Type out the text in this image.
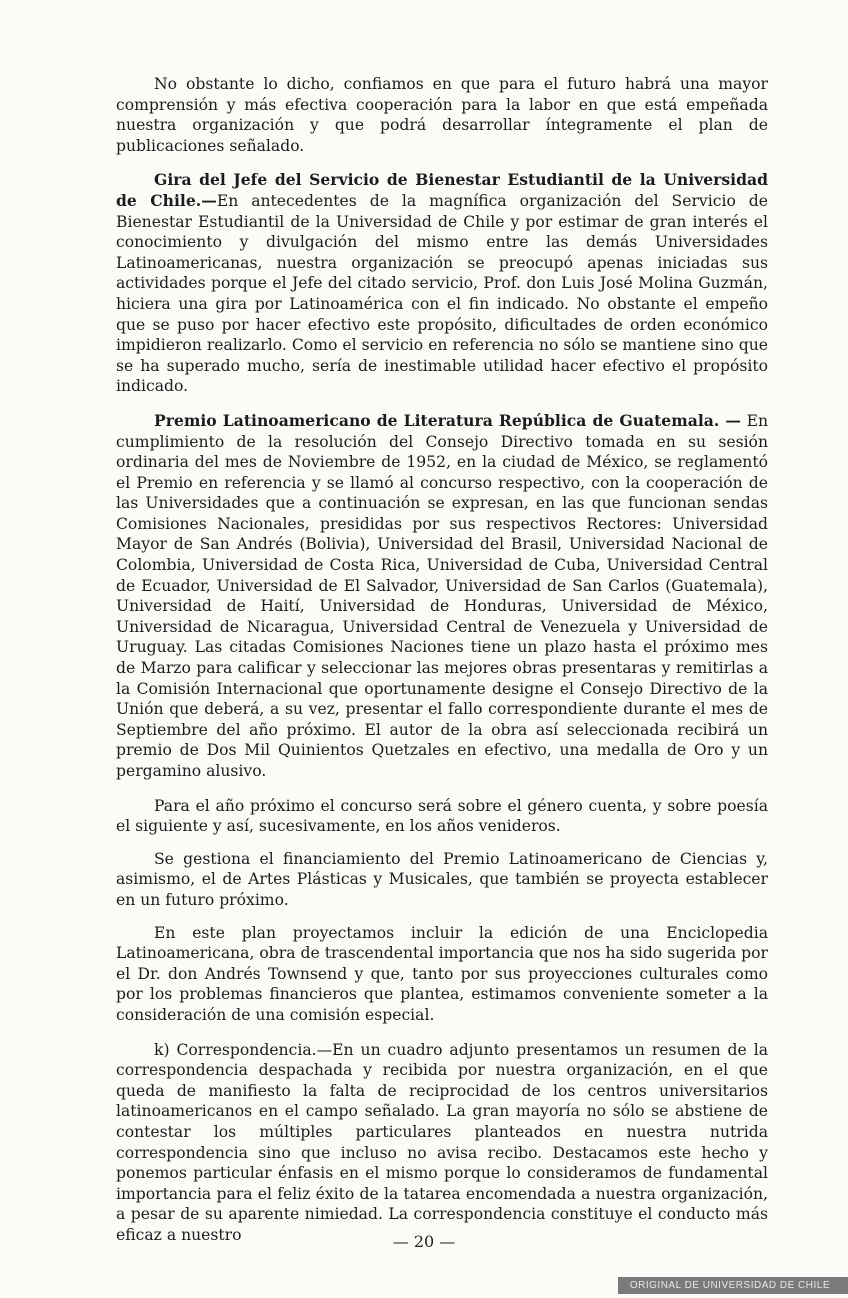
No obstante lo dicho, confiamos en que para el futuro habrá una mayor comprensión y más efectiva cooperación para la labor en que está empeñada nuestra organización y que podrá desarrollar íntegramente el plan de publicaciones señalado.

Gira del Jefe del Servicio de Bienestar Estudiantil de la Universidad de Chile.—En antecedentes de la magnífica organización del Servicio de Bienestar Estudiantil de la Universidad de Chile y por estimar de gran interés el conocimiento y divulgación del mismo entre las demás Universidades Latinoamericanas, nuestra organización se preocupó apenas iniciadas sus actividades porque el Jefe del citado servicio, Prof. don Luis José Molina Guzmán, hiciera una gira por Latinoamérica con el fin indicado. No obstante el empeño que se puso por hacer efectivo este propósito, dificultades de orden económico impidieron realizarlo. Como el servicio en referencia no sólo se mantiene sino que se ha superado mucho, sería de inestimable utilidad hacer efectivo el propósito indicado.

Premio Latinoamericano de Literatura República de Guatemala. — En cumplimiento de la resolución del Consejo Directivo tomada en su sesión ordinaria del mes de Noviembre de 1952, en la ciudad de México, se reglamentó el Premio en referencia y se llamó al concurso respectivo, con la cooperación de las Universidades que a continuación se expresan, en las que funcionan sendas Comisiones Nacionales, presididas por sus respectivos Rectores: Universidad Mayor de San Andrés (Bolivia), Universidad del Brasil, Universidad Nacional de Colombia, Universidad de Costa Rica, Universidad de Cuba, Universidad Central de Ecuador, Universidad de El Salvador, Universidad de San Carlos (Guatemala), Universidad de Haití, Universidad de Honduras, Universidad de México, Universidad de Nicaragua, Universidad Central de Venezuela y Universidad de Uruguay. Las citadas Comisiones Naciones tiene un plazo hasta el próximo mes de Marzo para calificar y seleccionar las mejores obras presentaras y remitirlas a la Comisión Internacional que oportunamente designe el Consejo Directivo de la Unión que deberá, a su vez, presentar el fallo correspondiente durante el mes de Septiembre del año próximo. El autor de la obra así seleccionada recibirá un premio de Dos Mil Quinientos Quetzales en efectivo, una medalla de Oro y un pergamino alusivo.

Para el año próximo el concurso será sobre el género cuenta, y sobre poesía el siguiente y así, sucesivamente, en los años venideros.

Se gestiona el financiamiento del Premio Latinoamericano de Ciencias y, asimismo, el de Artes Plásticas y Musicales, que también se proyecta establecer en un futuro próximo.

En este plan proyectamos incluir la edición de una Enciclopedia Latinoamericana, obra de trascendental importancia que nos ha sido sugerida por el Dr. don Andrés Townsend y que, tanto por sus proyecciones culturales como por los problemas financieros que plantea, estimamos conveniente someter a la consideración de una comisión especial.

k) Correspondencia.—En un cuadro adjunto presentamos un resumen de la correspondencia despachada y recibida por nuestra organización, en el que queda de manifiesto la falta de reciprocidad de los centros universitarios latinoamericanos en el campo señalado. La gran mayoría no sólo se abstiene de contestar los múltiples particulares planteados en nuestra nutrida correspondencia sino que incluso no avisa recibo. Destacamos este hecho y ponemos particular énfasis en el mismo porque lo consideramos de fundamental importancia para el feliz éxito de la tatarea encomendada a nuestra organización, a pesar de su aparente nimiedad. La correspondencia constituye el conducto más eficaz a nuestro	— 20 —
ORIGINAL DE UNIVERSIDAD DE CHILE
